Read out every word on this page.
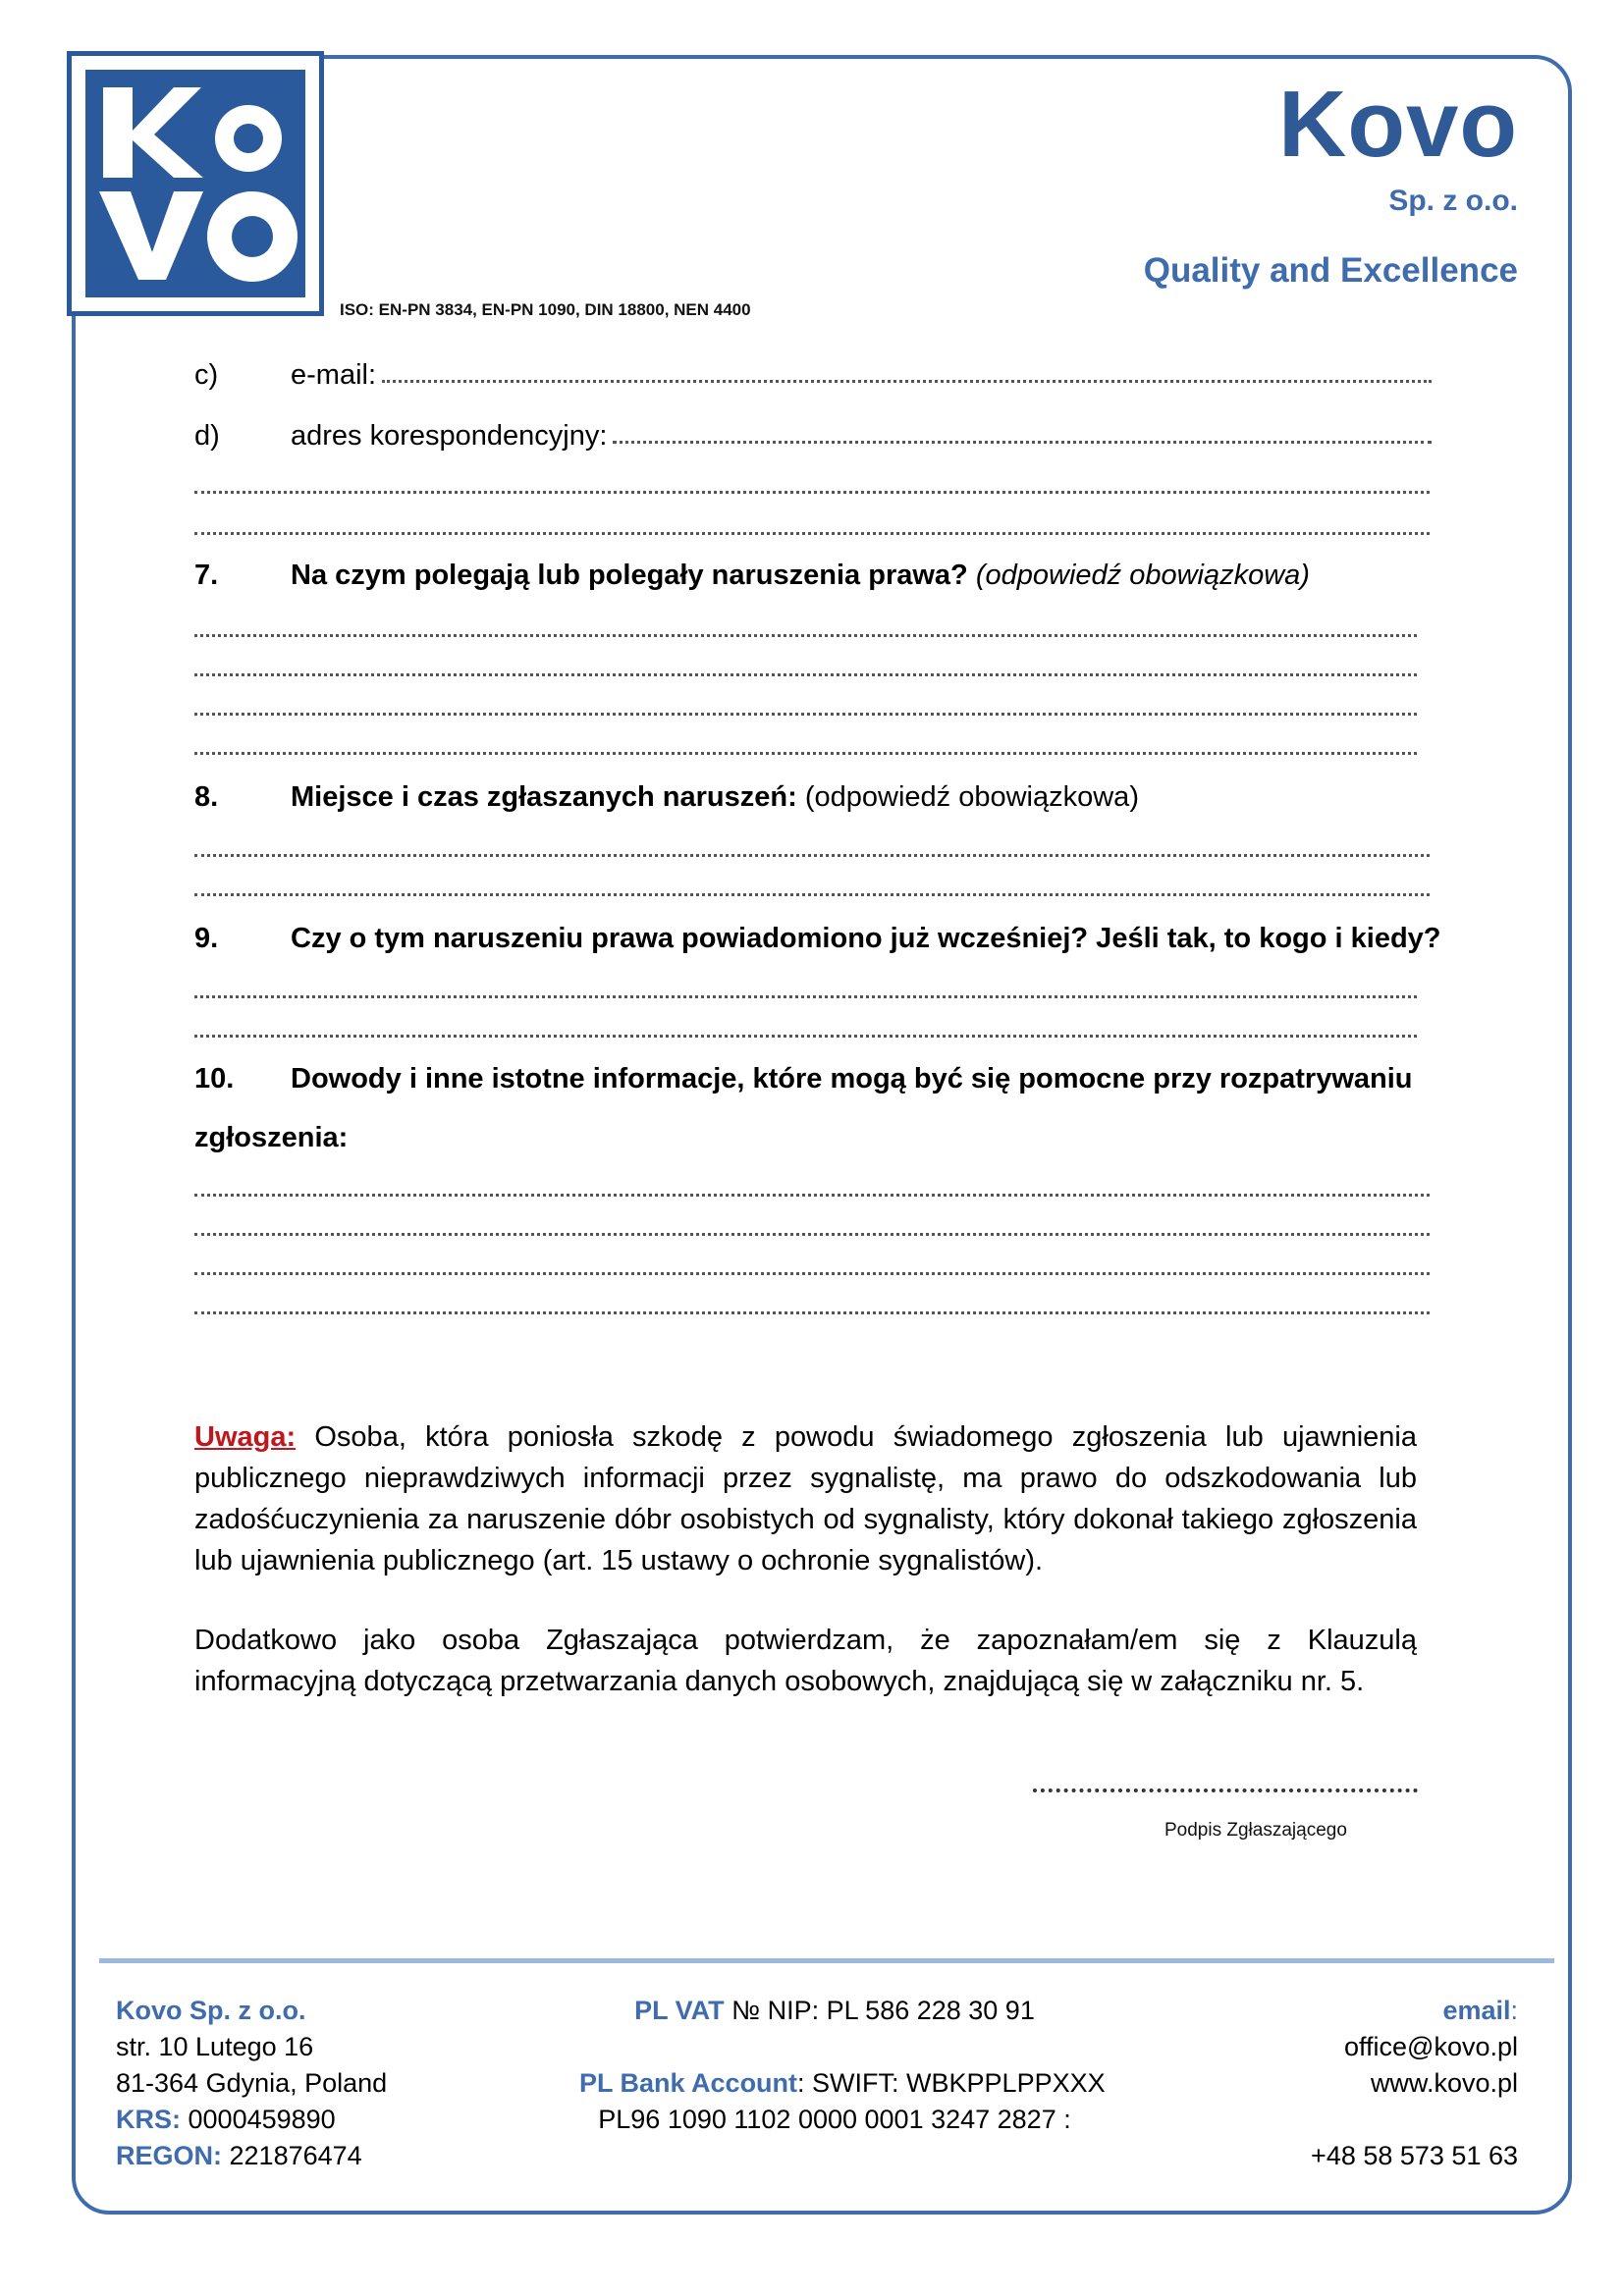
ISO: EN-PN 3834, EN-PN 1090, DIN 18800, NEN 4400
Kovo
Sp. z o.o.
Quality and Excellence
c)	e-mail:
d)	adres korespondencyjny:
7.	Na czym polegają lub polegały naruszenia prawa?
(odpowiedź obowiązkowa)
8.	Miejsce i czas zgłaszanych naruszeń:
(odpowiedź obowiązkowa)
9.	Czy o tym naruszeniu prawa powiadomiono już wcześniej? Jeśli tak, to kogo i kiedy?
10.	Dowody i inne istotne informacje, które mogą być się pomocne przy rozpatrywaniu
zgłoszenia:
Uwaga: Osoba, która poniosła szkodę z powodu świadomego zgłoszenia lub ujawnienia publicznego nieprawdziwych informacji przez sygnalistę, ma prawo do odszkodowania lub zadośćuczynienia za naruszenie dóbr osobistych od sygnalisty, który dokonał takiego zgłoszenia lub ujawnienia publicznego (art. 15 ustawy o ochronie sygnalistów).
Dodatkowo jako osoba Zgłaszająca potwierdzam, że zapoznałam/em się z Klauzulą informacyjną dotyczącą przetwarzania danych osobowych, znajdującą się w załączniku nr. 5.
Podpis Zgłaszającego
Kovo Sp. z o.o.
str. 10 Lutego 16
81-364 Gdynia, Poland
KRS: 0000459890
REGON: 221876474
PL VAT № NIP: PL 586 228 30 91

PL Bank Account: SWIFT: WBKPPLPPXXX
PL96 1090 1102 0000 0001 3247 2827 :
email:
office@kovo.pl
www.kovo.pl

+48 58 573 51 63
